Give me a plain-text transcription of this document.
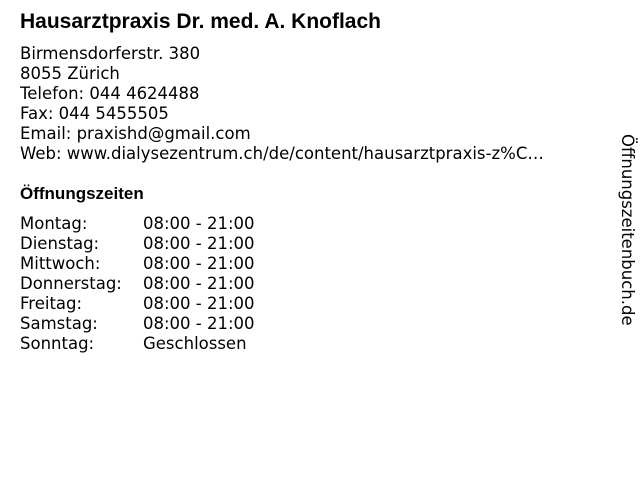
Hausarztpraxis Dr. med. A. Knoflach
Birmensdorferstr. 380
8055 Zürich
Telefon: 044 4624488
Fax: 044 5455505
Email: praxishd@gmail.com
Web: www.dialysezentrum.ch/de/content/hausarztpraxis-z%C…
Öffnungszeiten
Montag:	08:00 - 21:00
Dienstag:	08:00 - 21:00
Mittwoch:	08:00 - 21:00
Donnerstag: 08:00 - 21:00
Freitag:	08:00 - 21:00
Samstag:	08:00 - 21:00
Sonntag:	Geschlossen
Öffnungszeitenbuch.de
